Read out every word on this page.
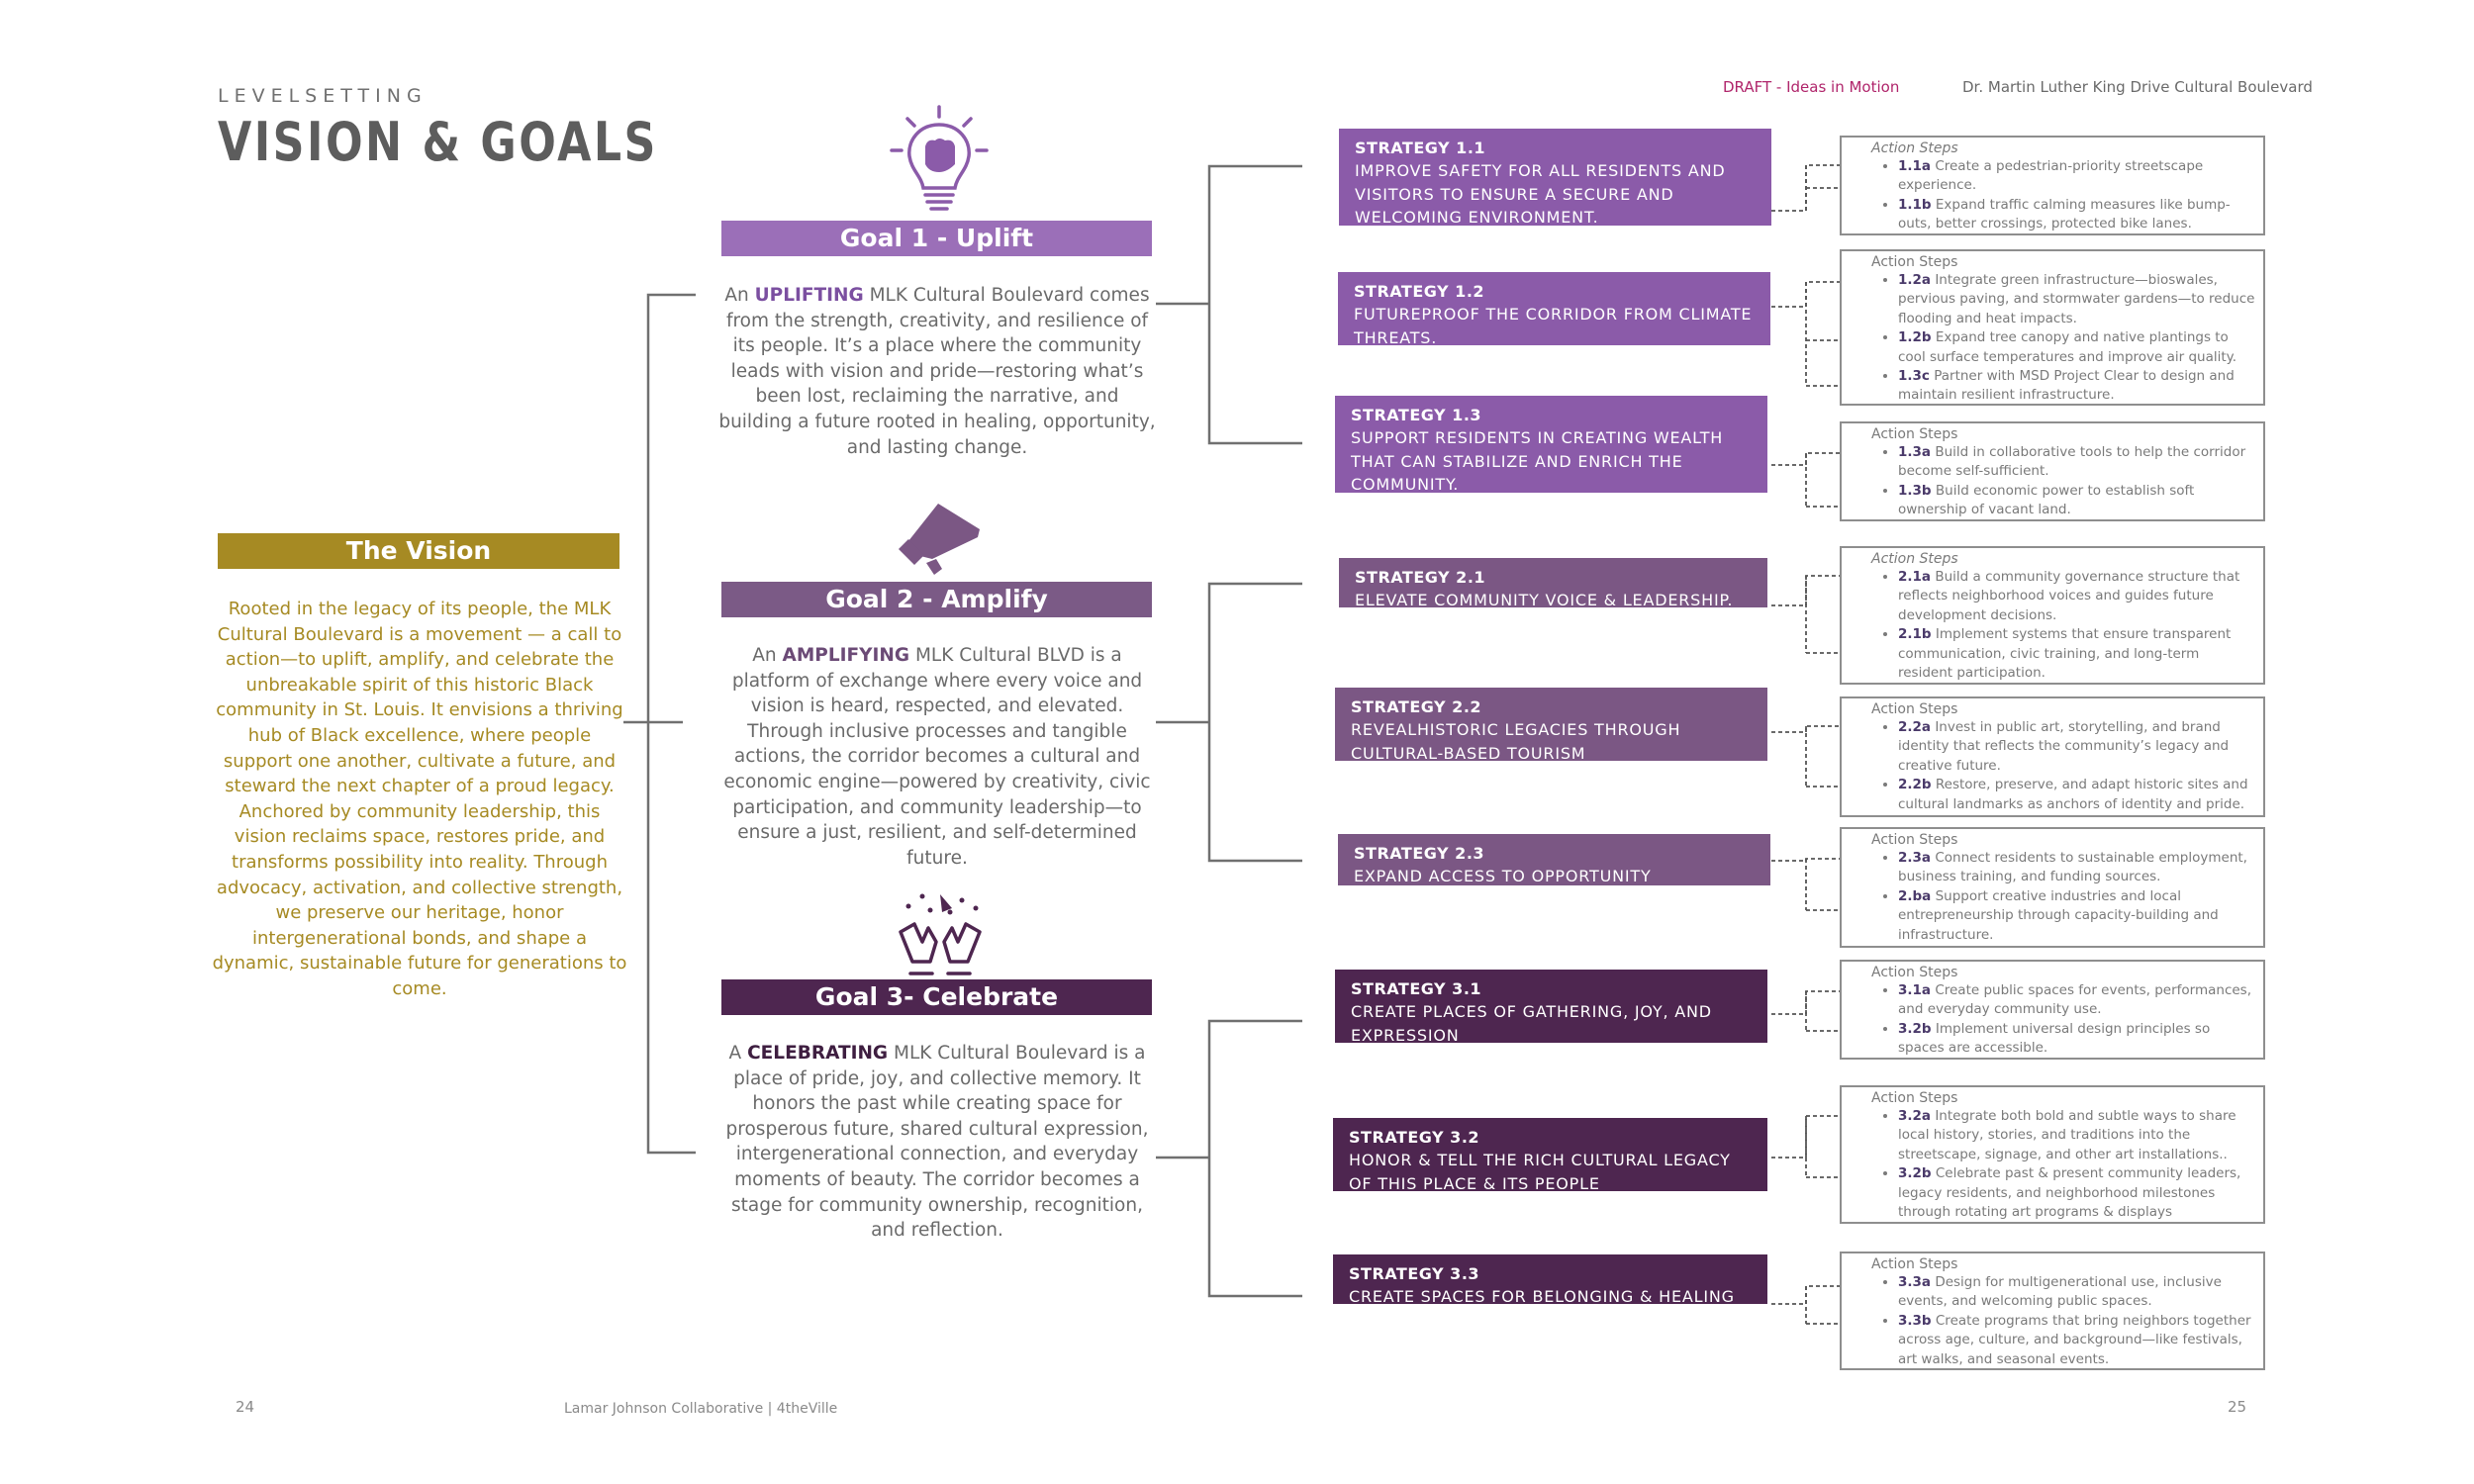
LEVELSETTING
VISION & GOALS
DRAFT - Ideas in Motion	Dr. Martin Luther King Drive Cultural Boulevard
The Vision
Rooted in the legacy of its people, the MLK Cultural Boulevard is a movement — a call to action—to uplift, amplify, and celebrate the unbreakable spirit of this historic Black community in St. Louis. It envisions a thriving hub of Black excellence, where people support one another, cultivate a future, and steward the next chapter of a proud legacy. Anchored by community leadership, this vision reclaims space, restores pride, and transforms possibility into reality. Through advocacy, activation, and collective strength, we preserve our heritage, honor intergenerational bonds, and shape a dynamic, sustainable future for generations to come.
Goal 1 - Uplift
An UPLIFTING MLK Cultural Boulevard comes from the strength, creativity, and resilience of its people. It’s a place where the community leads with vision and pride—restoring what’s been lost, reclaiming the narrative, and building a future rooted in healing, opportunity, and lasting change.
Goal 2 - Amplify
An AMPLIFYING MLK Cultural BLVD is a platform of exchange where every voice and vision is heard, respected, and elevated. Through inclusive processes and tangible actions, the corridor becomes a cultural and economic engine—powered by creativity, civic participation, and community leadership—to ensure a just, resilient, and self-determined future.
Goal 3- Celebrate
A CELEBRATING MLK Cultural Boulevard is a place of pride, joy, and collective memory. It honors the past while creating space for prosperous future, shared cultural expression, intergenerational connection, and everyday moments of beauty. The corridor becomes a stage for community ownership, recognition, and reflection.
STRATEGY 1.1
IMPROVE SAFETY FOR ALL RESIDENTS AND VISITORS TO ENSURE A SECURE AND WELCOMING ENVIRONMENT.
STRATEGY 1.2
FUTUREPROOF THE CORRIDOR FROM CLIMATE THREATS.
STRATEGY 1.3
SUPPORT RESIDENTS IN CREATING WEALTH THAT CAN STABILIZE AND ENRICH THE COMMUNITY.
STRATEGY 2.1
ELEVATE COMMUNITY VOICE & LEADERSHIP.
STRATEGY 2.2
REVEALHISTORIC LEGACIES THROUGH CULTURAL-BASED TOURISM
STRATEGY 2.3
EXPAND ACCESS TO OPPORTUNITY
STRATEGY 3.1
CREATE PLACES OF GATHERING, JOY, AND EXPRESSION
STRATEGY 3.2
HONOR & TELL THE RICH CULTURAL LEGACY OF THIS PLACE & ITS PEOPLE
STRATEGY 3.3
CREATE SPACES FOR BELONGING & HEALING
Action Steps
• 1.1a Create a pedestrian-priority streetscape experience.
• 1.1b Expand traffic calming measures like bump-outs, better crossings, protected bike lanes.
Action Steps
• 1.2a Integrate green infrastructure—bioswales, pervious paving, and stormwater gardens—to reduce flooding and heat impacts.
• 1.2b Expand tree canopy and native plantings to cool surface temperatures and improve air quality.
• 1.3c Partner with MSD Project Clear to design and maintain resilient infrastructure.
Action Steps
• 1.3a Build in collaborative tools to help the corridor become self-sufficient.
• 1.3b Build economic power to establish soft ownership of vacant land.
Action Steps
• 2.1a Build a community governance structure that reflects neighborhood voices and guides future development decisions.
• 2.1b Implement systems that ensure transparent communication, civic training, and long-term resident participation.
Action Steps
• 2.2a Invest in public art, storytelling, and brand identity that reflects the community’s legacy and creative future.
• 2.2b Restore, preserve, and adapt historic sites and cultural landmarks as anchors of identity and pride.
Action Steps
• 2.3a Connect residents to sustainable employment, business training, and funding sources.
• 2.ba Support creative industries and local entrepreneurship through capacity-building and infrastructure.
Action Steps
• 3.1a Create public spaces for events, performances, and everyday community use.
• 3.2b Implement universal design principles so spaces are accessible.
Action Steps
• 3.2a Integrate both bold and subtle ways to share local history, stories, and traditions into the streetscape, signage, and other art installations..
• 3.2b Celebrate past & present community leaders, legacy residents, and neighborhood milestones through rotating art programs & displays
Action Steps
• 3.3a Design for multigenerational use, inclusive events, and welcoming public spaces.
• 3.3b Create programs that bring neighbors together across age, culture, and background—like festivals, art walks, and seasonal events.
24	Lamar Johnson Collaborative | 4theVille	25
